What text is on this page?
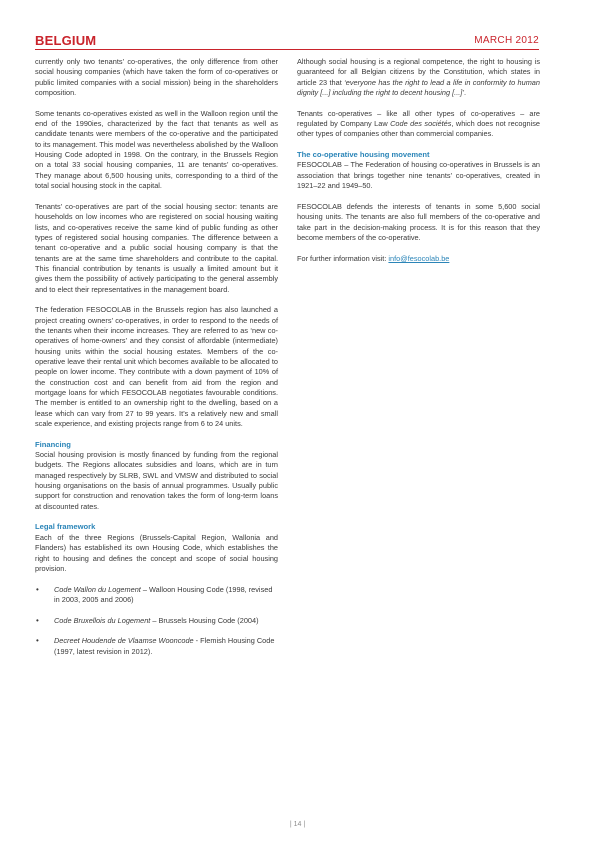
BELGIUM	MARCH 2012

currently only two tenants’ co-operatives, the only difference from other social housing companies (which have taken the form of co-operatives or public limited companies with a social mission) being in the shareholders composition.

Some tenants co-operatives existed as well in the Walloon region until the end of the 1990ies, characterized by the fact that tenants as well as candidate tenants were members of the co-operative and the participated to its management. This model was nevertheless abolished by the Walloon Housing Code adopted in 1998. On the contrary, in the Brussels Region on a total 33 social housing companies, 11 are tenants’ co-operatives. They manage about 6,500 housing units, corresponding to a third of the total social housing stock in the capital.

Tenants’ co-operatives are part of the social housing sector: tenants are households on low incomes who are registered on social housing waiting lists, and co-operatives receive the same kind of public funding as other types of registered social housing companies. The difference between a tenant co-operative and a public social housing company is that the tenants are at the same time shareholders and contribute to the capital. This financial contribution by tenants is usually a limited amount but it gives them the possibility of actively participating to the general assembly and to elect their representatives in the management board.

The federation FESOCOLAB in the Brussels region has also launched a project creating owners’ co-operatives, in order to respond to the needs of the tenants when their income increases. They are referred to as ‘new co-operatives of home-owners’ and they consist of affordable (intermediate) housing units within the social housing estates. Members of the co-operative leave their rental unit which becomes available to be allocated to people on lower income. They contribute with a down payment of 10% of the construction cost and can benefit from aid from the region and mortgage loans for which FESOCOLAB negotiates favourable conditions. The member is entitled to an ownership right to the dwelling, based on a lease which can vary from 27 to 99 years. It’s a relatively new and small scale experience, and existing projects range from 6 to 24 units.

Financing

Social housing provision is mostly financed by funding from the regional budgets. The Regions allocates subsidies and loans, which are in turn managed respectively by SLRB, SWL and VMSW and distributed to social housing organisations on the basis of annual programmes. Usually public support for construction and renovation takes the form of long-term loans at discounted rates.

Legal framework

Each of the three Regions (Brussels-Capital Region, Wallonia and Flanders) has established its own Housing Code, which establishes the right to housing and defines the concept and scope of social housing provision.

• Code Wallon du Logement – Walloon Housing Code (1998, revised in 2003, 2005 and 2006)
• Code Bruxellois du Logement – Brussels Housing Code (2004)
• Decreet Houdende de Vlaamse Wooncode - Flemish Housing Code (1997, latest revision in 2012).

Although social housing is a regional competence, the right to housing is guaranteed for all Belgian citizens by the Constitution, which states in article 23 that ‘everyone has the right to lead a life in conformity to human dignity [...] including the right to decent housing [...]’.

Tenants co-operatives – like all other types of co-operatives – are regulated by Company Law Code des sociétés, which does not recognise other types of companies other than commercial companies.

The co-operative housing movement

FESOCOLAB – The Federation of housing co-operatives in Brussels is an association that brings together nine tenants’ co-operatives, created in 1921–22 and 1949–50.

FESOCOLAB defends the interests of tenants in some 5,600 social housing units. The tenants are also full members of the co-operative and take part in the decision-making process. It is for this reason that they become members of the co-operative.

For further information visit: info@fesocolab.be

| 14 |
